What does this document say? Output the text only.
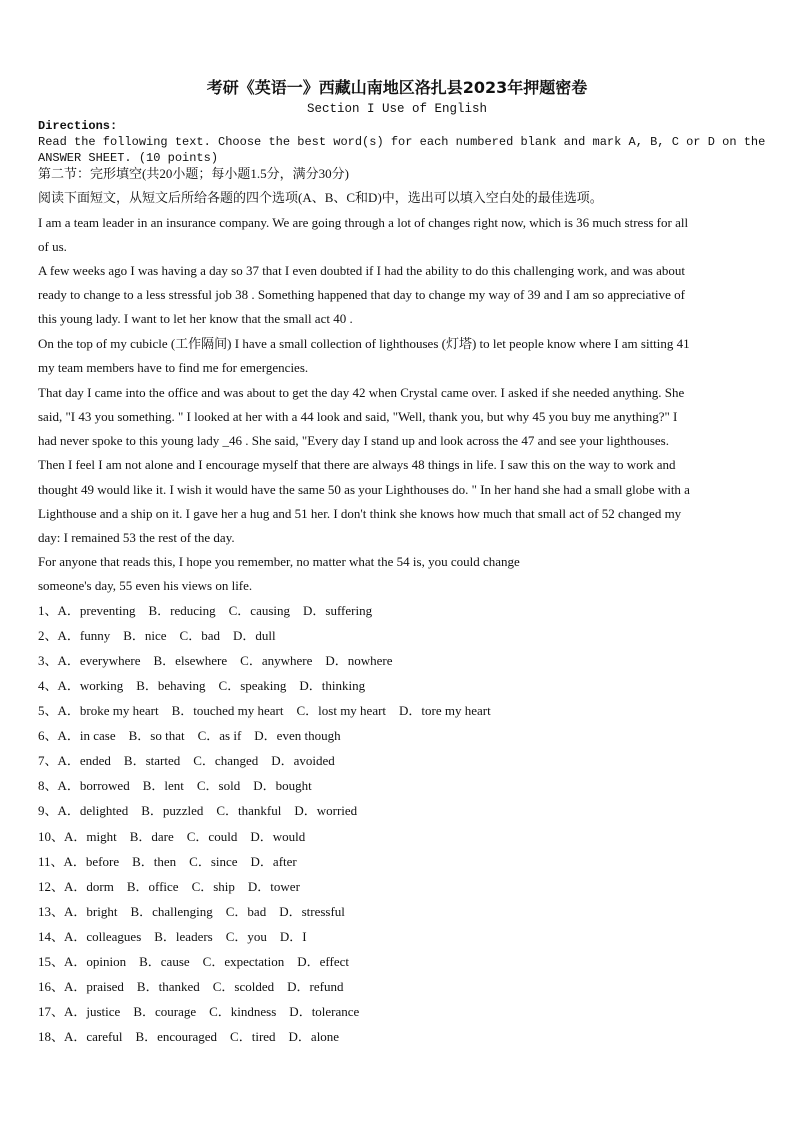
考研《英语一》西藏山南地区洛扎县2023年押题密卷
Section I Use of English
Directions:
Read the following text. Choose the best word(s) for each numbered blank and mark A, B, C or D on the
ANSWER SHEET. (10 points)
第二节：完形填空(共20小题；每小题1.5分，满分30分)
阅读下面短文，从短文后所给各题的四个选项(A、B、C和D)中，选出可以填入空白处的最佳选项。
I am a team leader in an insurance company. We are going through a lot of changes right now, which is 36 much stress for all
of us.
A few weeks ago I was having a day so 37 that I even doubted if I had the ability to do this challenging work, and was about
ready to change to a less stressful job 38 . Something happened that day to change my way of 39 and I am so appreciative of
this young lady. I want to let her know that the small act 40 .
On the top of my cubicle (工作隔间) I have a small collection of lighthouses (灯塔) to let people know where I am sitting 41
my team members have to find me for emergencies.
That day I came into the office and was about to get the day 42 when Crystal came over. I asked if she needed anything. She
said, "I 43 you something. " I looked at her with a 44 look and said, "Well, thank you, but why 45 you buy me anything?" I
had never spoke to this young lady _46 . She said, "Every day I stand up and look across the 47 and see your lighthouses.
Then I feel I am not alone and I encourage myself that there are always 48 things in life. I saw this on the way to work and
thought 49 would like it. I wish it would have the same 50 as your Lighthouses do. " In her hand she had a small globe with a
Lighthouse and a ship on it. I gave her a hug and 51 her. I don't think she knows how much that small act of 52 changed my
day: I remained 53 the rest of the day.
For anyone that reads this, I hope you remember, no matter what the 54 is, you could change
someone's day, 55 even his views on life.
1、A．preventing    B．reducing    C．causing    D．suffering
2、A．funny    B．nice    C．bad    D．dull
3、A．everywhere    B．elsewhere    C．anywhere    D．nowhere
4、A．working    B．behaving    C．speaking    D．thinking
5、A．broke my heart    B．touched my heart    C．lost my heart    D．tore my heart
6、A．in case    B．so that    C．as if    D．even though
7、A．ended    B．started    C．changed    D．avoided
8、A．borrowed    B．lent    C．sold    D．bought
9、A．delighted    B．puzzled    C．thankful    D．worried
10、A．might    B．dare    C．could    D．would
11、A．before    B．then    C．since    D．after
12、A．dorm    B．office    C．ship    D．tower
13、A．bright    B．challenging    C．bad    D．stressful
14、A．colleagues    B．leaders    C．you    D．I
15、A．opinion    B．cause    C．expectation    D．effect
16、A．praised    B．thanked    C．scolded    D．refund
17、A．justice    B．courage    C．kindness    D．tolerance
18、A．careful    B．encouraged    C．tired    D．alone
